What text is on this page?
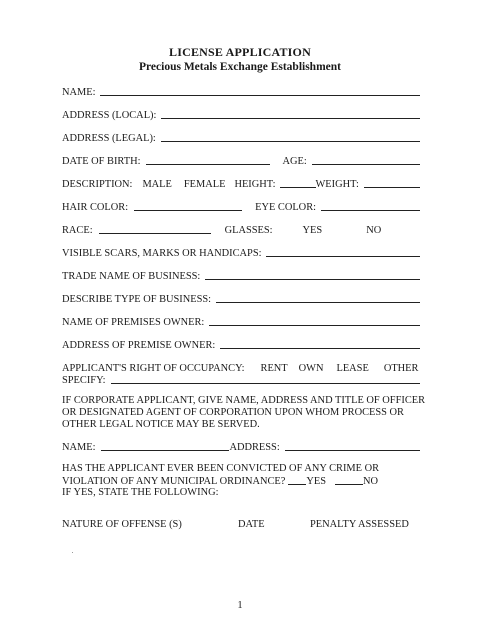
LICENSE APPLICATION
Precious Metals Exchange Establishment
NAME:
ADDRESS (LOCAL):
ADDRESS (LEGAL):
DATE OF BIRTH:	AGE:
DESCRIPTION: MALE FEMALE HEIGHT:	WEIGHT:
HAIR COLOR:	EYE COLOR:
RACE:	GLASSES:	YES	NO
VISIBLE SCARS, MARKS OR HANDICAPS:
TRADE NAME OF BUSINESS:
DESCRIBE TYPE OF BUSINESS:
NAME OF PREMISES OWNER:
ADDRESS OF PREMISE OWNER:
APPLICANT'S RIGHT OF OCCUPANCY: RENT OWN LEASE OTHER
SPECIFY:
IF CORPORATE APPLICANT, GIVE NAME, ADDRESS AND TITLE OF OFFICER
OR DESIGNATED AGENT OF CORPORATION UPON WHOM PROCESS OR
OTHER LEGAL NOTICE MAY BE SERVED.
NAME:	ADDRESS:
HAS THE APPLICANT EVER BEEN CONVICTED OF ANY CRIME OR
VIOLATION OF ANY MUNICIPAL ORDINANCE? YES	NO
IF YES, STATE THE FOLLOWING:
NATURE OF OFFENSE (S)	DATE	PENALTY ASSESSED
1
